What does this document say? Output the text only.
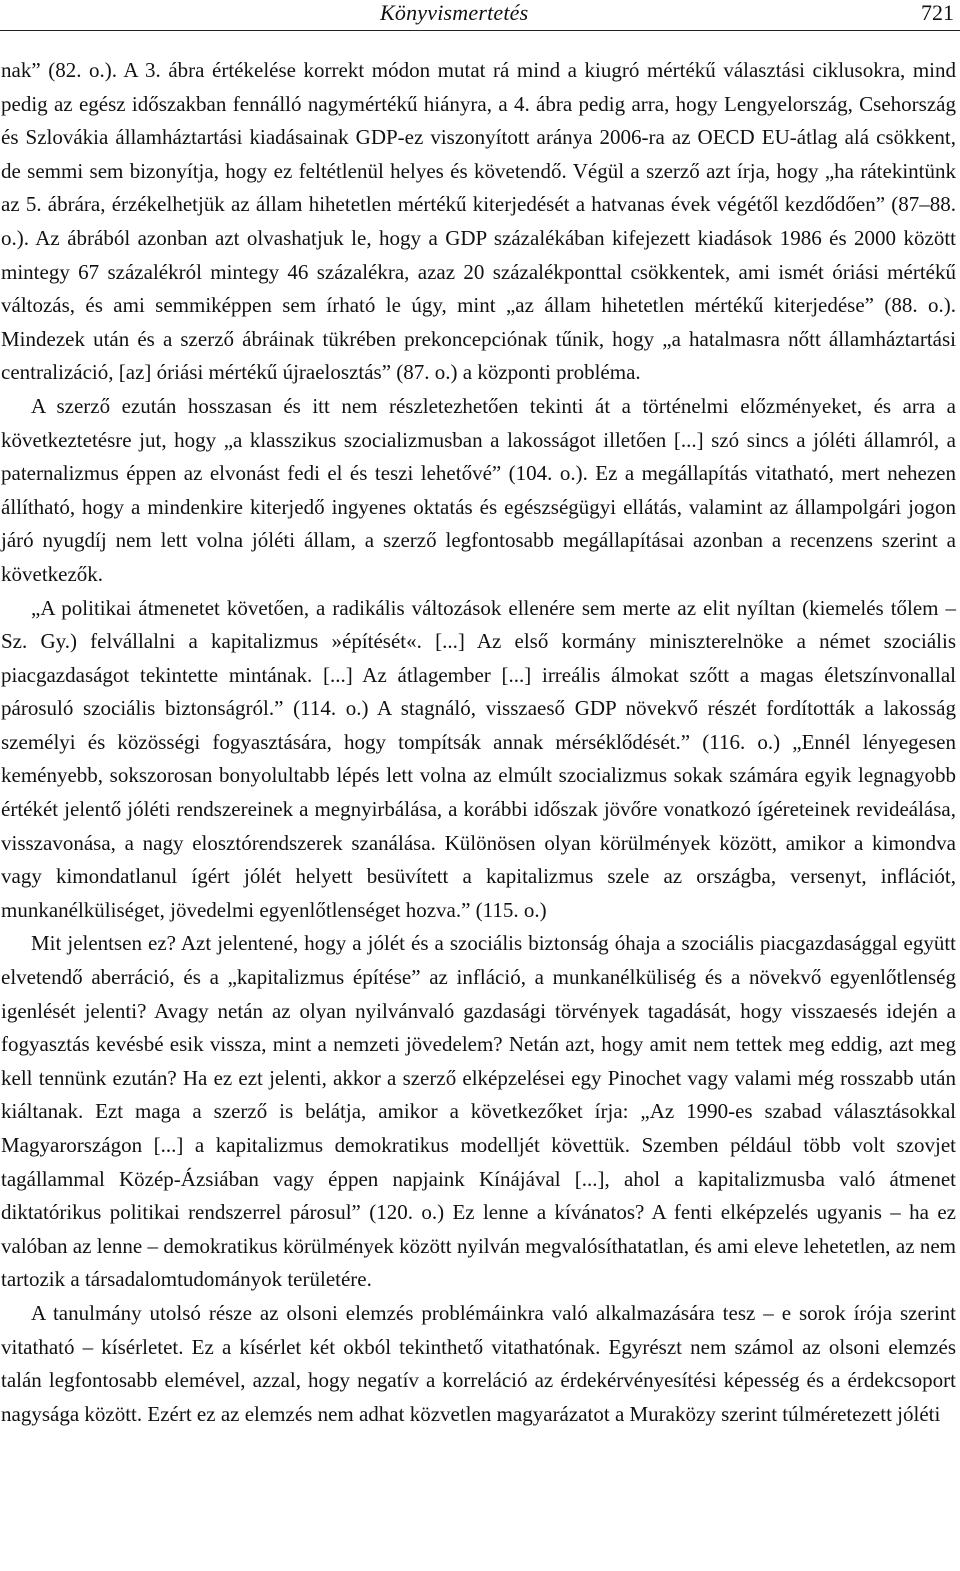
Könyvismertetés	721

nak” (82. o.). A 3. ábra értékelése korrekt módon mutat rá mind a kiugró mértékű választási ciklusokra, mind pedig az egész időszakban fennálló nagymértékű hiányra, a 4. ábra pedig arra, hogy Lengyelország, Csehország és Szlovákia államháztartási kiadásainak GDP-ez viszonyított aránya 2006-ra az OECD EU-átlag alá csökkent, de semmi sem bizonyítja, hogy ez feltétlenül helyes és követendő. Végül a szerző azt írja, hogy „ha rátekintünk az 5. ábrára, érzékelhetjük az állam hihetetlen mértékű kiterjedését a hatvanas évek végétől kezdődően” (87–88. o.). Az ábrából azonban azt olvashatjuk le, hogy a GDP százalékában kifejezett kiadások 1986 és 2000 között mintegy 67 százalékról mintegy 46 százalékra, azaz 20 százalékponttal csökkentek, ami ismét óriási mértékű változás, és ami semmiképpen sem írható le úgy, mint „az állam hihetetlen mértékű kiterjedése” (88. o.). Mindezek után és a szerző ábráinak tükrében prekoncepciónak tűnik, hogy „a hatalmasra nőtt államháztartási centralizáció, [az] óriási mértékű újraelosztás” (87. o.) a központi probléma.

A szerző ezután hosszasan és itt nem részletezhetően tekinti át a történelmi előzményeket, és arra a következtetésre jut, hogy „a klasszikus szocializmusban a lakosságot illetően [...] szó sincs a jóléti államról, a paternalizmus éppen az elvonást fedi el és teszi lehetővé” (104. o.). Ez a megállapítás vitatható, mert nehezen állítható, hogy a mindenkire kiterjedő ingyenes oktatás és egészségügyi ellátás, valamint az állampolgári jogon járó nyugdíj nem lett volna jóléti állam, a szerző legfontosabb megállapításai azonban a recenzens szerint a következők.

„A politikai átmenetet követően, a radikális változások ellenére sem merte az elit nyíltan (kiemelés tőlem – Sz. Gy.) felvállalni a kapitalizmus »építését«. [...] Az első kormány miniszterelnöke a német szociális piacgazdaságot tekintette mintának. [...] Az átlagember [...] irreális álmokat szőtt a magas életszínvonallal párosuló szociális biztonságról.” (114. o.) A stagnáló, visszaeső GDP növekvő részét fordították a lakosság személyi és közösségi fogyasztására, hogy tompítsák annak mérséklődését.” (116. o.) „Ennél lényegesen keményebb, sokszorosan bonyolultabb lépés lett volna az elmúlt szocializmus sokak számára egyik legnagyobb értékét jelentő jóléti rendszereinek a megnyirbálása, a korábbi időszak jövőre vonatkozó ígéreteinek revideálása, visszavonása, a nagy elosztórendszerek szanálása. Különösen olyan körülmények között, amikor a kimondva vagy kimondatlanul ígért jólét helyett besüvített a kapitalizmus szele az országba, versenyt, inflációt, munkanélküliséget, jövedelmi egyenlőtlenséget hozva.” (115. o.)

Mit jelentsen ez? Azt jelentené, hogy a jólét és a szociális biztonság óhaja a szociális piacgazdasággal együtt elvetendő aberráció, és a „kapitalizmus építése” az infláció, a munkanélküliség és a növekvő egyenlőtlenség igenlését jelenti? Avagy netán az olyan nyilvánvaló gazdasági törvények tagadását, hogy visszaesés idején a fogyasztás kevésbé esik vissza, mint a nemzeti jövedelem? Netán azt, hogy amit nem tettek meg eddig, azt meg kell tennünk ezután? Ha ez ezt jelenti, akkor a szerző elképzelései egy Pinochet vagy valami még rosszabb után kiáltanak. Ezt maga a szerző is belátja, amikor a következőket írja: „Az 1990-es szabad választásokkal Magyarországon [...] a kapitalizmus demokratikus modelljét követtük. Szemben például több volt szovjet tagállammal Közép-Ázsiában vagy éppen napjaink Kínájával [...], ahol a kapitalizmusba való átmenet diktatórikus politikai rendszerrel párosul” (120. o.) Ez lenne a kívánatos? A fenti elképzelés ugyanis – ha ez valóban az lenne – demokratikus körülmények között nyilván megvalósíthatatlan, és ami eleve lehetetlen, az nem tartozik a társadalomtudományok területére.

A tanulmány utolsó része az olsoni elemzés problémáinkra való alkalmazására tesz – e sorok írója szerint vitatható – kísérletet. Ez a kísérlet két okból tekinthető vitathatónak. Egyrészt nem számol az olsoni elemzés talán legfontosabb elemével, azzal, hogy negatív a korreláció az érdekérvényesítési képesség és a érdekcsoport nagysága között. Ezért ez az elemzés nem adhat közvetlen magyarázatot a Muraközy szerint túlméretezett jóléti
